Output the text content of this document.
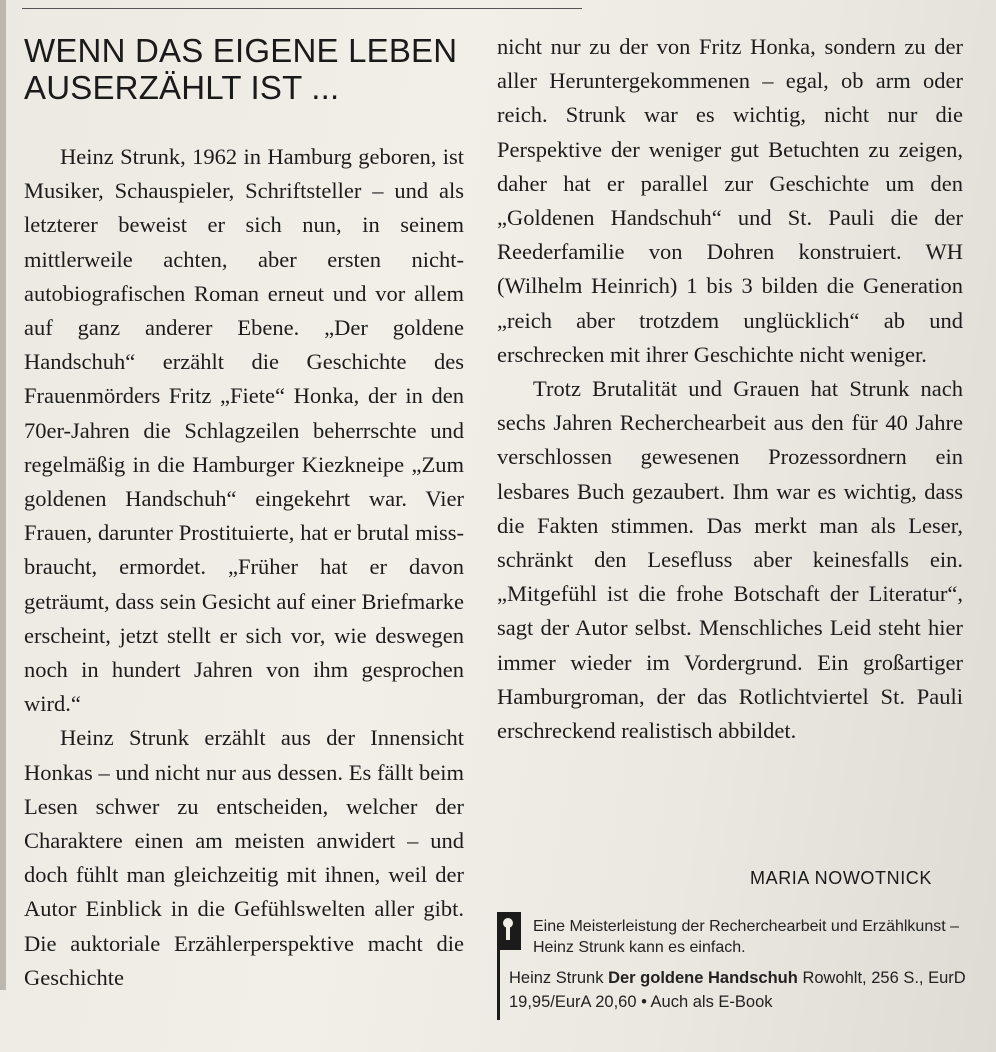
WENN DAS EIGENE LEBEN
AUSERZÄHLT IST ...

Heinz Strunk, 1962 in Hamburg geboren, ist Musiker, Schauspieler, Schriftsteller – und als letzterer beweist er sich nun, in seinem mittlerweile achten, aber ersten nicht-autobiografischen Roman erneut und vor allem auf ganz anderer Ebene. „Der goldene Handschuh“ erzählt die Geschichte des Frauenmörders Fritz „Fiete“ Honka, der in den 70er-Jahren die Schlagzeilen beherrschte und regelmäßig in die Hamburger Kiezkneipe „Zum goldenen Handschuh“ eingekehrt war. Vier Frauen, darunter Prostituierte, hat er brutal missbraucht, ermordet. „Früher hat er davon geträumt, dass sein Gesicht auf einer Briefmarke erscheint, jetzt stellt er sich vor, wie deswegen noch in hundert Jahren von ihm gesprochen wird.“

Heinz Strunk erzählt aus der Innensicht Honkas – und nicht nur aus dessen. Es fällt beim Lesen schwer zu entscheiden, welcher der Charaktere einen am meisten anwidert – und doch fühlt man gleichzeitig mit ihnen, weil der Autor Einblick in die Gefühlswelten aller gibt. Die auktoriale Erzählerperspektive macht die Geschichte

nicht nur zu der von Fritz Honka, sondern zu der aller Heruntergekommenen – egal, ob arm oder reich. Strunk war es wichtig, nicht nur die Perspektive der weniger gut Betuchten zu zeigen, daher hat er parallel zur Geschichte um den „Goldenen Handschuh“ und St. Pauli die der Reederfamilie von Dohren konstruiert. WH (Wilhelm Heinrich) 1 bis 3 bilden die Generation „reich aber trotzdem unglücklich“ ab und erschrecken mit ihrer Geschichte nicht weniger.

Trotz Brutalität und Grauen hat Strunk nach sechs Jahren Recherchearbeit aus den für 40 Jahre verschlossen gewesenen Prozessordnern ein lesbares Buch gezaubert. Ihm war es wichtig, dass die Fakten stimmen. Das merkt man als Leser, schränkt den Lesefluss aber keinesfalls ein. „Mitgefühl ist die frohe Botschaft der Literatur“, sagt der Autor selbst. Menschliches Leid steht hier immer wieder im Vordergrund. Ein großartiger Hamburgroman, der das Rotlichtviertel St. Pauli erschreckend realistisch abbildet.

MARIA NOWOTNICK

Eine Meisterleistung der Recherchearbeit und Erzählkunst – Heinz Strunk kann es einfach.

Heinz Strunk Der goldene Handschuh Rowohlt, 256 S., EurD 19,95/EurA 20,60 • Auch als E-Book
